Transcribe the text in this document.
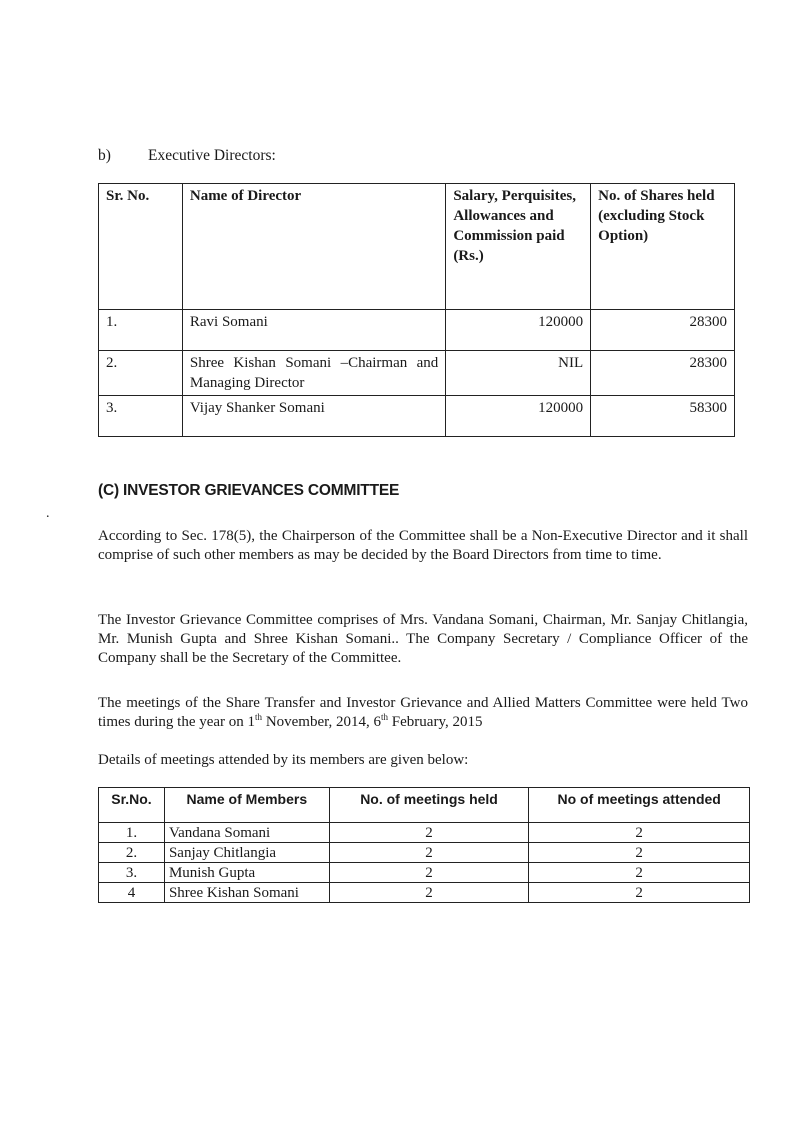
b) Executive Directors:
Sr. No.	Name of Director	Salary, Perquisites, Allowances and Commission paid (Rs.)	No. of Shares held (excluding Stock Option)
1.	Ravi Somani	120000	28300
2.	Shree Kishan Somani –Chairman and Managing Director	NIL	28300
3.	Vijay Shanker Somani	120000	58300
(C) INVESTOR GRIEVANCES COMMITTEE
.

According to Sec. 178(5), the Chairperson of the Committee shall be a Non-Executive Director and it shall comprise of such other members as may be decided by the Board Directors from time to time.

The Investor Grievance Committee comprises of Mrs. Vandana Somani, Chairman, Mr. Sanjay Chitlangia, Mr. Munish Gupta and Shree Kishan Somani.. The Company Secretary / Compliance Officer of the Company shall be the Secretary of the Committee.

The meetings of the Share Transfer and Investor Grievance and Allied Matters Committee were held Two times during the year on 1th November, 2014, 6th February, 2015

Details of meetings attended by its members are given below:

Sr.No.	Name of Members	No. of meetings held	No of meetings attended
1.	Vandana Somani	2	2
2.	Sanjay Chitlangia	2	2
3.	Munish Gupta	2	2
4	Shree Kishan Somani	2	2
